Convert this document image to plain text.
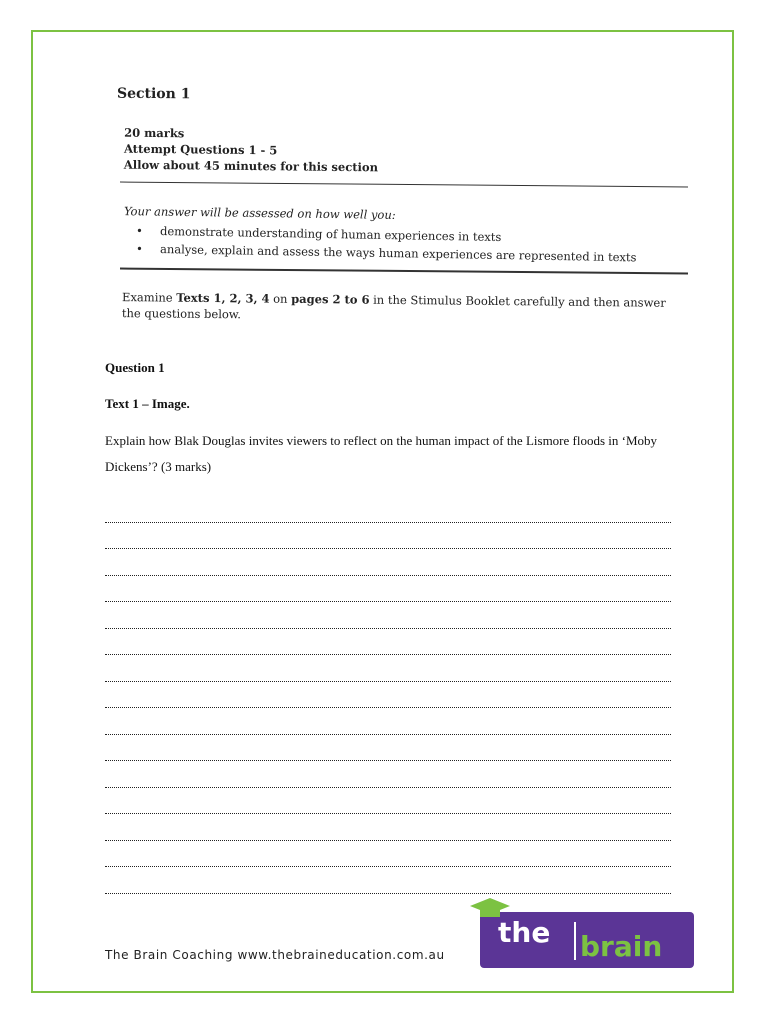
Section 1
20 marks
Attempt Questions 1 - 5
Allow about 45 minutes for this section
Your answer will be assessed on how well you:
• demonstrate understanding of human experiences in texts
• analyse, explain and assess the ways human experiences are represented in texts
Examine Texts 1, 2, 3, 4 on pages 2 to 6 in the Stimulus Booklet carefully and then answer the questions below.
Question 1
Text 1 – Image.
Explain how Blak Douglas invites viewers to reflect on the human impact of the Lismore floods in ‘Moby Dickens’? (3 marks)
The Brain Coaching www.thebraineducation.com.au
the brain
